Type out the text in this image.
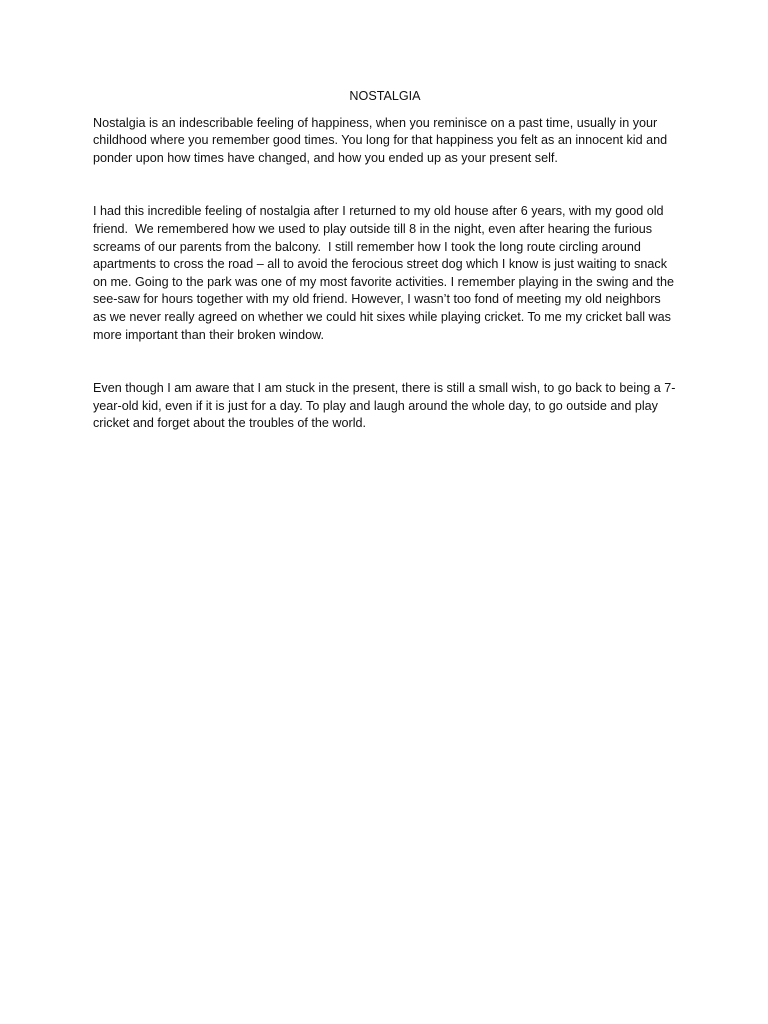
NOSTALGIA

Nostalgia is an indescribable feeling of happiness, when you reminisce on a past time, usually in your childhood where you remember good times. You long for that happiness you felt as an innocent kid and ponder upon how times have changed, and how you ended up as your present self.

I had this incredible feeling of nostalgia after I returned to my old house after 6 years, with my good old friend.  We remembered how we used to play outside till 8 in the night, even after hearing the furious screams of our parents from the balcony.  I still remember how I took the long route circling around apartments to cross the road – all to avoid the ferocious street dog which I know is just waiting to snack on me. Going to the park was one of my most favorite activities. I remember playing in the swing and the see-saw for hours together with my old friend. However, I wasn’t too fond of meeting my old neighbors as we never really agreed on whether we could hit sixes while playing cricket. To me my cricket ball was more important than their broken window.

Even though I am aware that I am stuck in the present, there is still a small wish, to go back to being a 7-year-old kid, even if it is just for a day. To play and laugh around the whole day, to go outside and play cricket and forget about the troubles of the world.
